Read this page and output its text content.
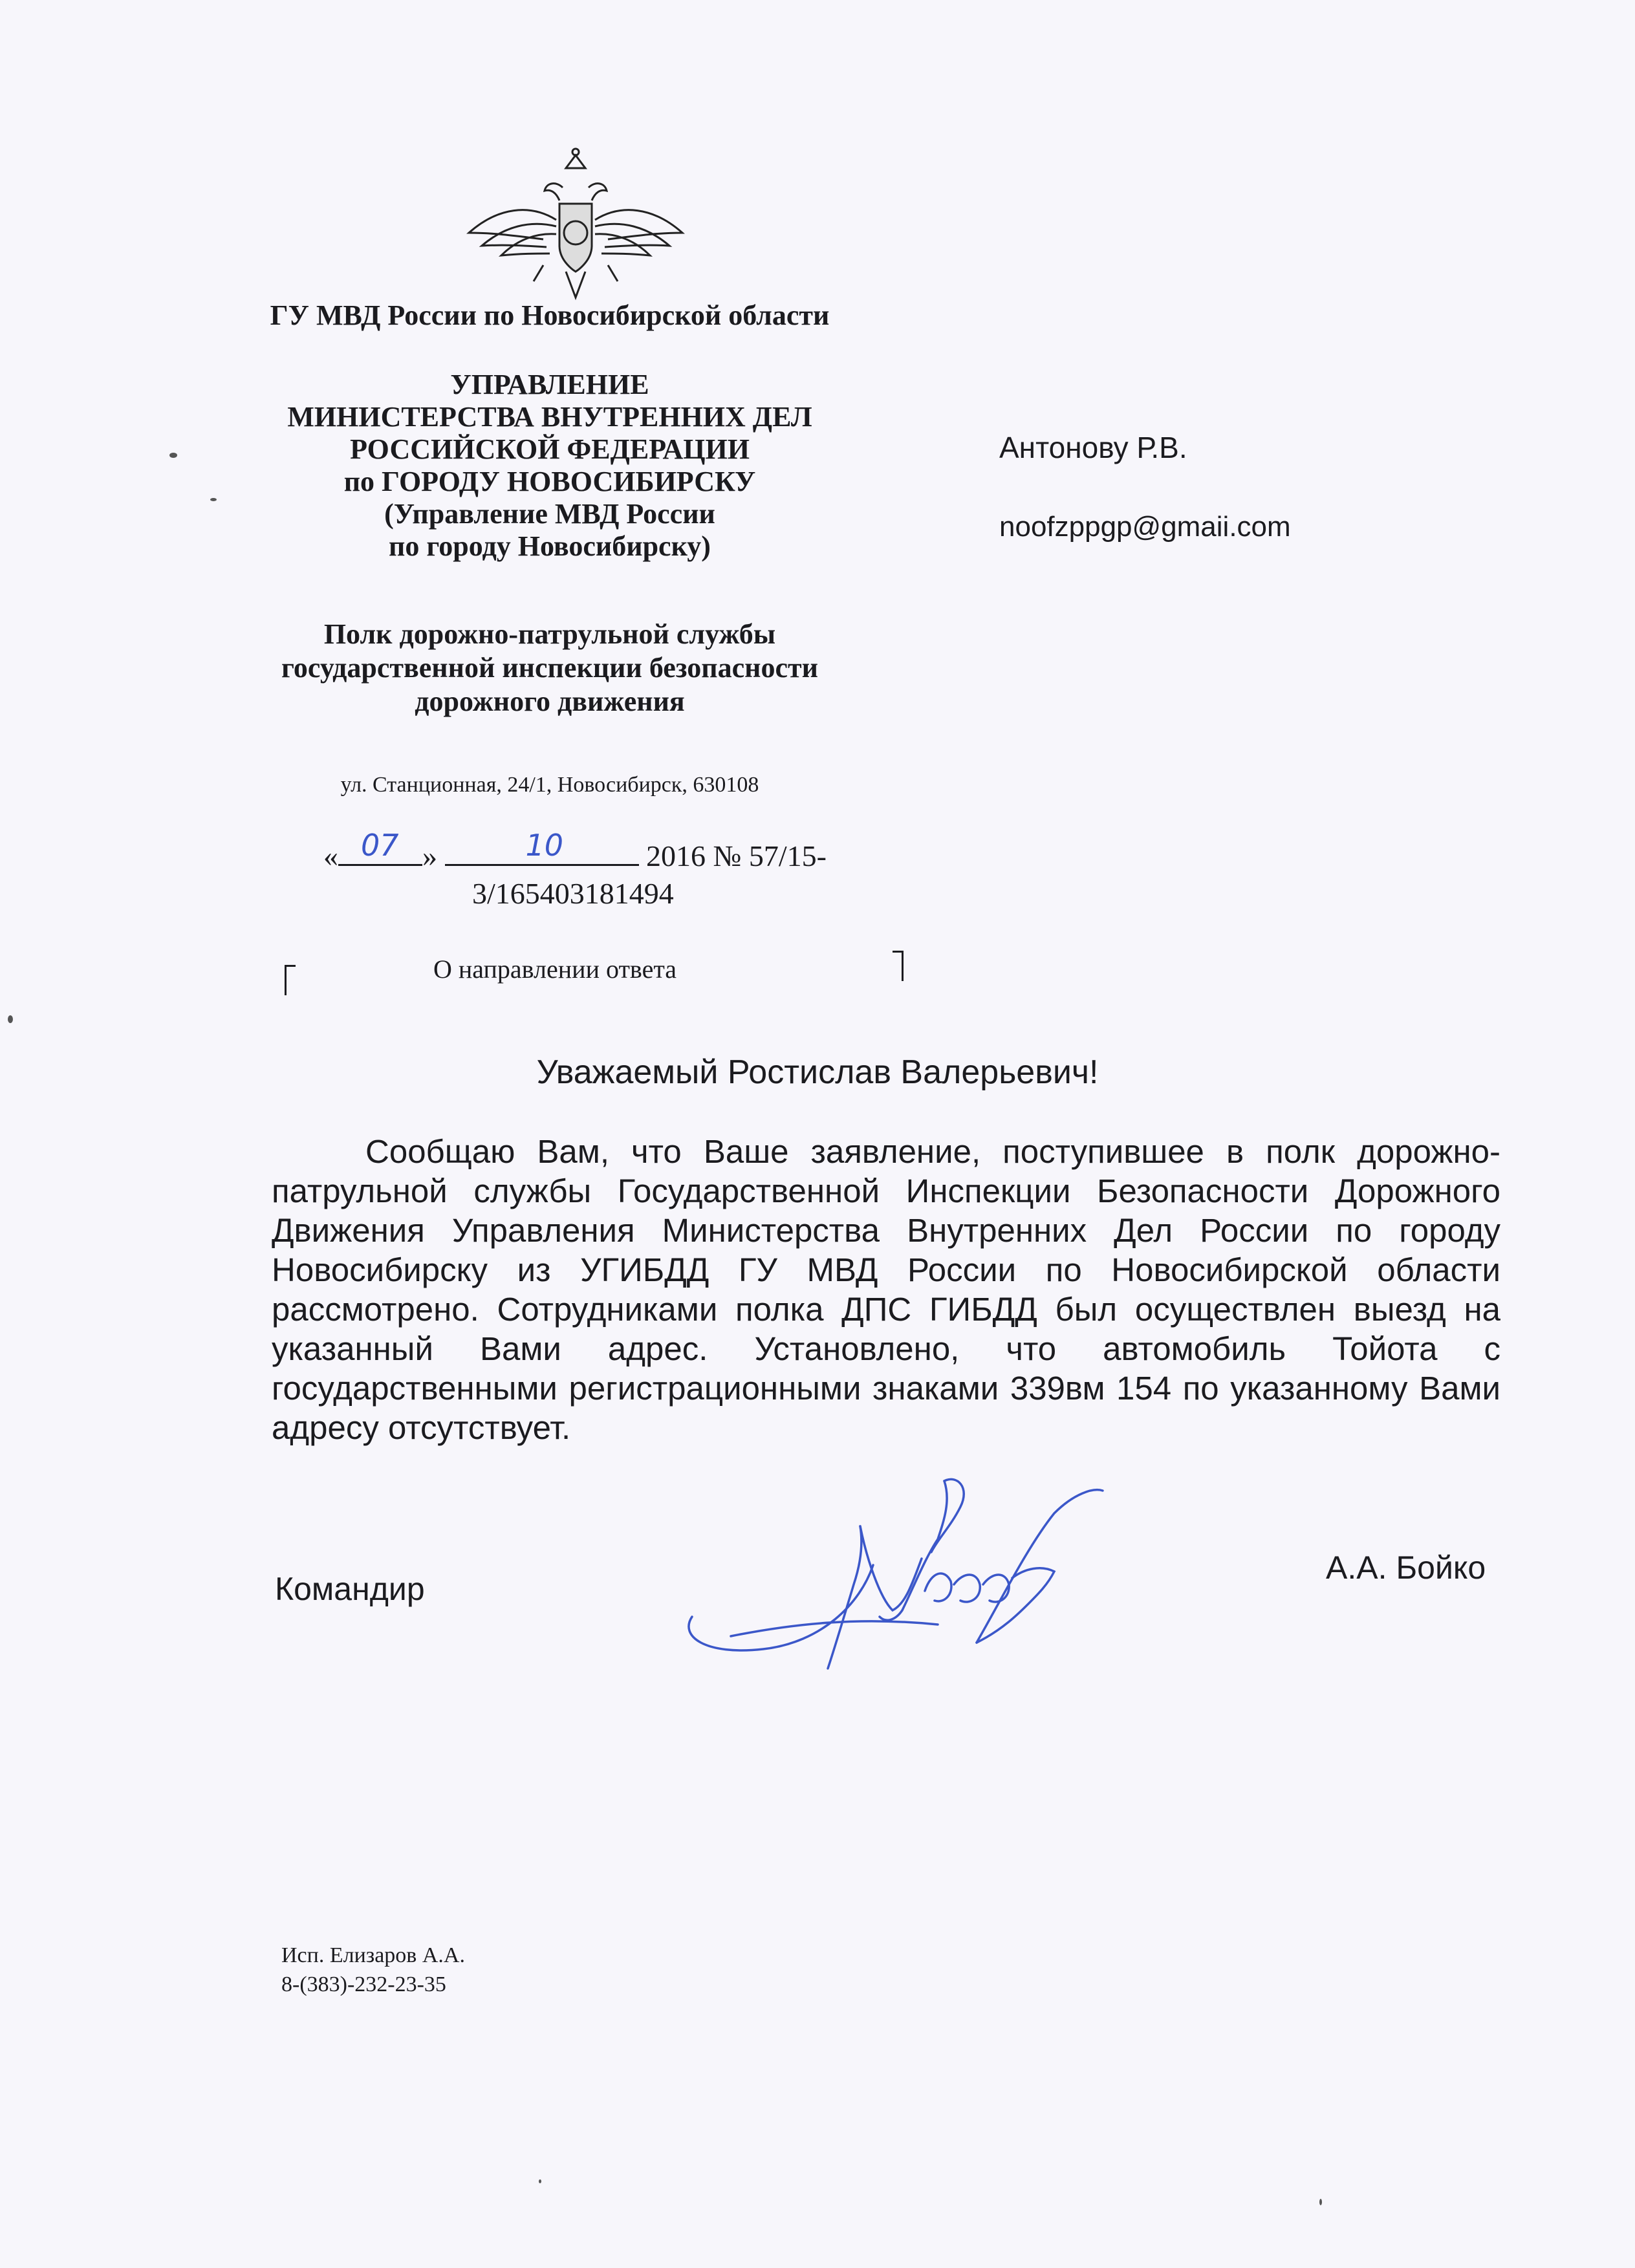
ГУ МВД России по Новосибирской области
УПРАВЛЕНИЕ
МИНИСТЕРСТВА ВНУТРЕННИХ ДЕЛ
РОССИЙСКОЙ ФЕДЕРАЦИИ
по ГОРОДУ НОВОСИБИРСКУ
(Управление МВД России
по городу Новосибирску)
Полк дорожно-патрульной службы
государственной инспекции безопасности
дорожного движения
ул. Станционная, 24/1, Новосибирск, 630108
Антонову Р.В.
noofzppgp@gmaii.com
« 07 »	10	2016 № 57/15-
3/165403181494
О направлении ответа
Уважаемый Ростислав Валерьевич!
Сообщаю Вам, что Ваше заявление, поступившее в полк дорожно-патрульной службы Государственной Инспекции Безопасности Дорожного Движения Управления Министерства Внутренних Дел России по городу Новосибирску из УГИБДД ГУ МВД России по Новосибирской области рассмотрено. Сотрудниками полка ДПС ГИБДД был осуществлен выезд на указанный Вами адрес. Установлено, что автомобиль Тойота с государственными регистрационными знаками 339вм 154 по указанному Вами адресу отсутствует.
Командир
А.А. Бойко
Исп. Елизаров А.А.
8-(383)-232-23-35
